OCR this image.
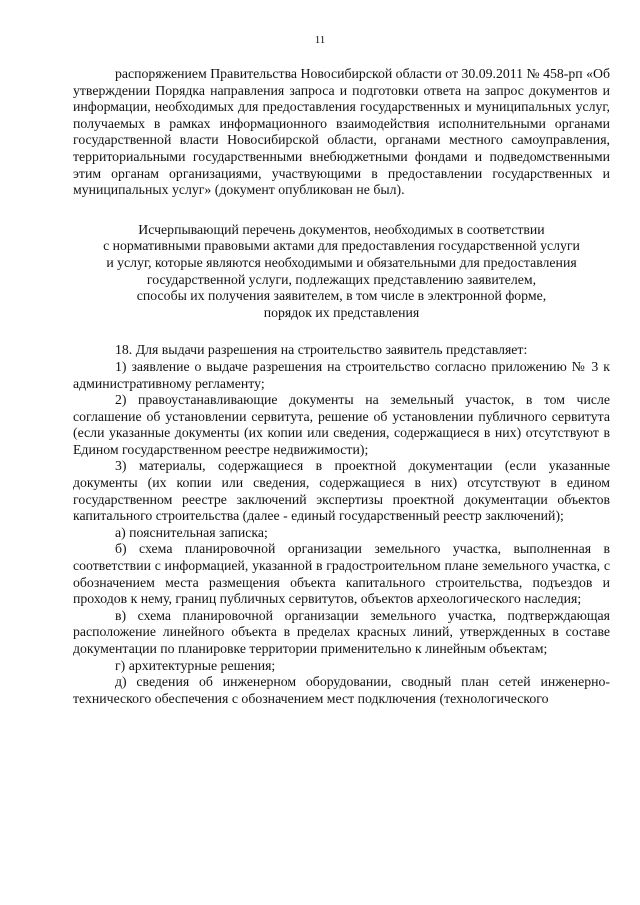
11

распоряжением Правительства Новосибирской области от 30.09.2011 № 458-рп «Об утверждении Порядка направления запроса и подготовки ответа на запрос документов и информации, необходимых для предоставления государственных и муниципальных услуг, получаемых в рамках информационного взаимодействия исполнительными органами государственной власти Новосибирской области, органами местного самоуправления, территориальными государственными внебюджетными фондами и подведомственными этим органам организациями, участвующими в предоставлении государственных и муниципальных услуг» (документ опубликован не был).

Исчерпывающий перечень документов, необходимых в соответствии
с нормативными правовыми актами для предоставления государственной услуги
и услуг, которые являются необходимыми и обязательными для предоставления
государственной услуги, подлежащих представлению заявителем,
способы их получения заявителем, в том числе в электронной форме,
порядок их представления

18. Для выдачи разрешения на строительство заявитель представляет:

1) заявление о выдаче разрешения на строительство согласно приложению № 3 к административному регламенту;

2) правоустанавливающие документы на земельный участок, в том числе соглашение об установлении сервитута, решение об установлении публичного сервитута (если указанные документы (их копии или сведения, содержащиеся в них) отсутствуют в Едином государственном реестре недвижимости);

3) материалы, содержащиеся в проектной документации (если указанные документы (их копии или сведения, содержащиеся в них) отсутствуют в едином государственном реестре заключений экспертизы проектной документации объектов капитального строительства (далее - единый государственный реестр заключений);

а) пояснительная записка;

б) схема планировочной организации земельного участка, выполненная в соответствии с информацией, указанной в градостроительном плане земельного участка, с обозначением места размещения объекта капитального строительства, подъездов и проходов к нему, границ публичных сервитутов, объектов археологического наследия;

в) схема планировочной организации земельного участка, подтверждающая расположение линейного объекта в пределах красных линий, утвержденных в составе документации по планировке территории применительно к линейным объектам;

г) архитектурные решения;

д) сведения об инженерном оборудовании, сводный план сетей инженерно-технического обеспечения с обозначением мест подключения (технологического
